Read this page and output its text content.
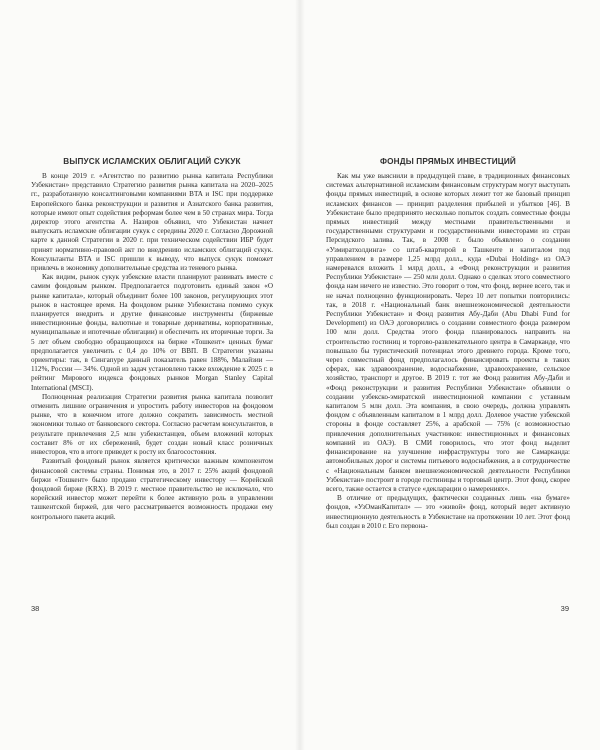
ВЫПУСК ИСЛАМСКИХ ОБЛИГАЦИЙ СУКУК

В конце 2019 г. «Агентство по развитию рынка капитала Республики Узбекистан» представило Стратегию развития рынка капитала на 2020–2025 гг., разработанную консалтинговыми компаниями BTA и ISC при поддержке Европейского банка реконструкции и развития и Азиатского банка развития, которые имеют опыт содействия реформам более чем в 50 странах мира. Тогда директор этого агентства А. Назиров объявил, что Узбекистан начнет выпускать исламские облигации сукук с середины 2020 г. Согласно Дорожной карте к данной Стратегии в 2020 г. при техническом содействии ИБР будет принят нормативно-правовой акт по внедрению исламских облигаций сукук. Консультанты BTA и ISC пришли к выводу, что выпуск сукук поможет привлечь в экономику дополнительные средства из теневого рынка.

Как видим, рынок сукук узбекские власти планируют развивать вместе с самим фондовым рынком. Предполагается подготовить единый закон «О рынке капитала», который объединит более 100 законов, регулирующих этот рынок в настоящее время. На фондовом рынке Узбекистана помимо сукук планируется внедрить и другие финансовые инструменты (биржевые инвестиционные фонды, валютные и товарные деривативы, корпоративные, муниципальные и ипотечные облигации) и обеспечить их вторичные торги. За 5 лет объем свободно обращающихся на бирже «Тошкент» ценных бумаг предполагается увеличить с 0,4 до 10% от ВВП. В Стратегии указаны ориентиры: так, в Сингапуре данный показатель равен 188%, Малайзии — 112%, России — 34%. Одной из задач установлено также вхождение к 2025 г. в рейтинг Мирового индекса фондовых рынков Morgan Stanley Capital International (MSCI).

Полноценная реализация Стратегии развития рынка капитала позволит отменить лишние ограничения и упростить работу инвесторов на фондовом рынке, что в конечном итоге должно сократить зависимость местной экономики только от банковского сектора. Согласно расчетам консультантов, в результате привлечения 2,5 млн узбекистанцев, объем вложений которых составит 8% от их сбережений, будет создан новый класс розничных инвесторов, что в итоге приведет к росту их благосостояния.

Развитый фондовый рынок является критически важным компонентом финансовой системы страны. Понимая это, в 2017 г. 25% акций фондовой биржи «Тошкент» было продано стратегическому инвестору — Корейской фондовой бирже (KRX). В 2019 г. местное правительство не исключало, что корейский инвестор может перейти к более активную роль в управлении ташкентской биржей, для чего рассматривается возможность продажи ему контрольного пакета акций.

38
ФОНДЫ ПРЯМЫХ ИНВЕСТИЦИЙ

Как мы уже выяснили в предыдущей главе, в традиционных финансовых системах альтернативной исламским финансовым структурам могут выступать фонды прямых инвестиций, в основе которых лежит тот же базовый принцип исламских финансов — принцип разделения прибылей и убытков [46]. В Узбекистане было предпринято несколько попыток создать совместные фонды прямых инвестиций между местными правительственными и государственными структурами и государственными инвесторами из стран Персидского залива. Так, в 2008 г. было объявлено о создании «Узмиратхолдинга» со штаб-квартирой в Ташкенте и капиталом под управлением в размере 1,25 млрд долл., куда «Dubai Holding» из ОАЭ намеревался вложить 1 млрд долл., а «Фонд реконструкции и развития Республики Узбекистан» — 250 млн долл. Однако о сделках этого совместного фонда нам ничего не известно. Это говорит о том, что фонд, вернее всего, так и не начал полноценно функционировать. Через 10 лет попытки повторились: так, в 2018 г. «Национальный банк внешнеэкономической деятельности Республики Узбекистан» и Фонд развития Абу-Даби (Abu Dhabi Fund for Development) из ОАЭ договорились о создании совместного фонда размером 100 млн долл. Средства этого фонда планировалось направить на строительство гостиниц и торгово-развлекательного центра в Самарканде, что повышало бы туристический потенциал этого древнего города. Кроме того, через совместный фонд предполагалось финансировать проекты в таких сферах, как здравоохранение, водоснабжение, здравоохранение, сельское хозяйство, транспорт и другое. В 2019 г. тот же Фонд развития Абу-Даби и «Фонд реконструкции и развития Республики Узбекистан» объявили о создании узбекско-эмиратской инвестиционной компании с уставным капиталом 5 млн долл. Эта компания, в свою очередь, должна управлять фондом с объявленным капиталом в 1 млрд долл. Долевое участие узбекской стороны в фонде составляет 25%, а арабской — 75% (с возможностью привлечения дополнительных участников: инвестиционных и финансовых компаний из ОАЭ). В СМИ говорилось, что этот фонд выделит финансирование на улучшение инфраструктуры того же Самарканда: автомобильных дорог и системы питьевого водоснабжения, а в сотрудничестве с «Национальным банком внешнеэкономической деятельности Республики Узбекистан» построит в городе гостиницы и торговый центр. Этот фонд, скорее всего, также остается в статусе «декларации о намерениях».

В отличие от предыдущих, фактически созданных лишь «на бумаге» фондов, «УзОманКапитал» — это «живой» фонд, который ведет активную инвестиционную деятельность в Узбекистане на протяжении 10 лет. Этот фонд был создан в 2010 г. Его первона-

39
